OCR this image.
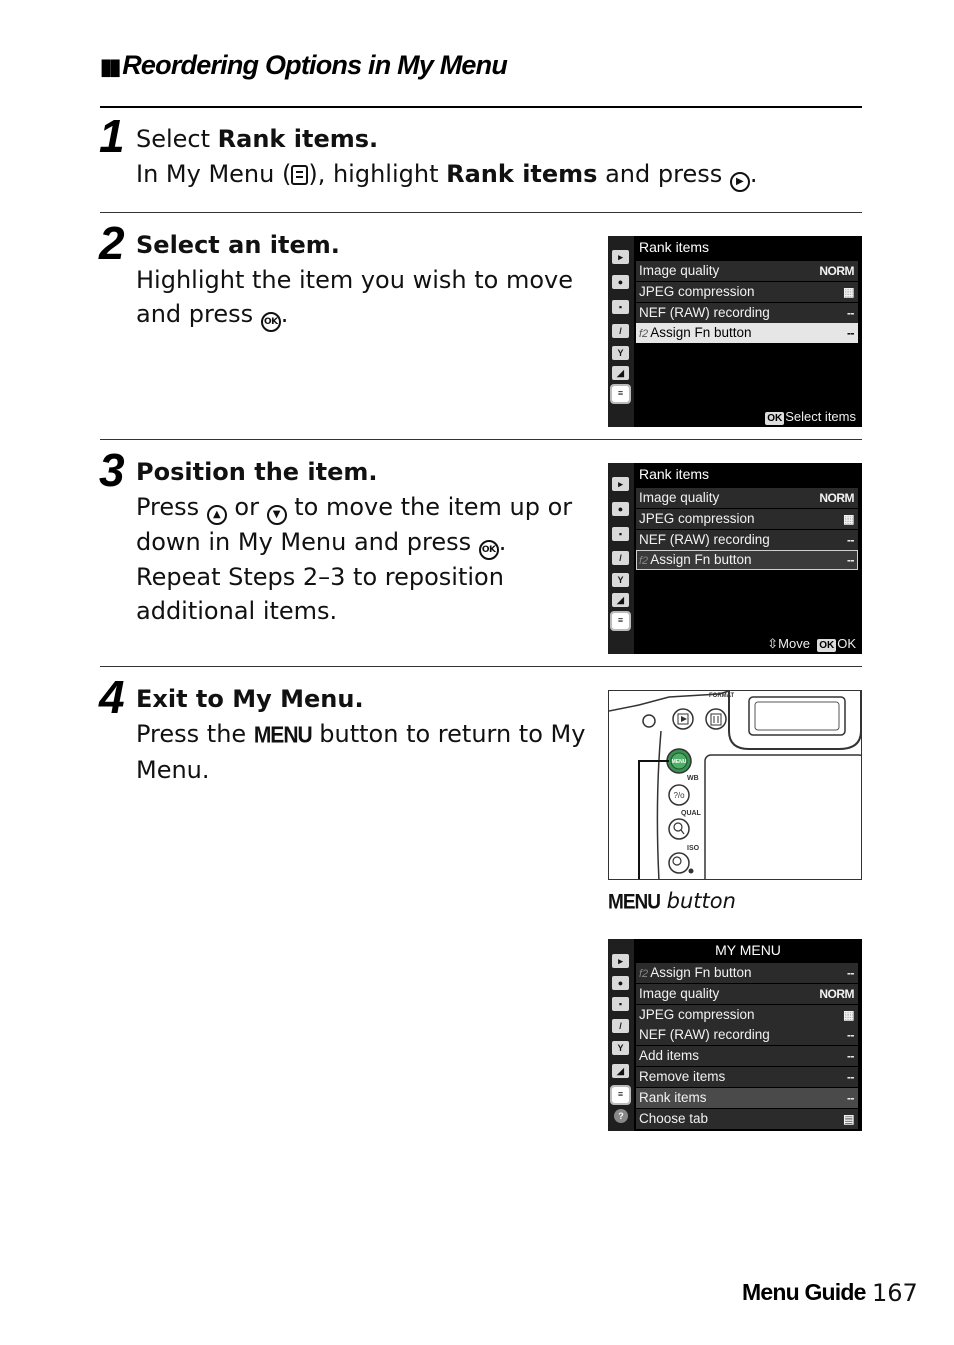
▮▮ Reordering Options in My Menu
1 Select Rank items.
In My Menu ( ), highlight Rank items and press ▶ .
2 Select an item.
Highlight the item you wish to move
and press OK .
▸
●
▪
/
Y
◢
≡
Rank items
Image quality	NORM
JPEG compression	▦
NEF (RAW) recording	--
f2 Assign Fn button	--
OK Select items
3 Position the item.
Press ▲ or ▼ to move the item up or
down in My Menu and press OK .
Repeat Steps 2–3 to reposition
additional items.
▸
●
▪
/
Y
◢
≡
Rank items
Image quality	NORM
JPEG compression	▦
NEF (RAW) recording	--
f2 Assign Fn button	--
⇳Move OK OK
4 Exit to My Menu.
Press the MENU button to return to My
Menu.
FORMAT
MENU
WB
?/o
QUAL
ISO
MENU button
▸
●
▪
/
Y
◢
≡
?
MY MENU
f2 Assign Fn button	--
Image quality	NORM
JPEG compression	▦
NEF (RAW) recording	--
Add items	--
Remove items	--
Rank items	--
Choose tab	▤
Menu Guide 167
